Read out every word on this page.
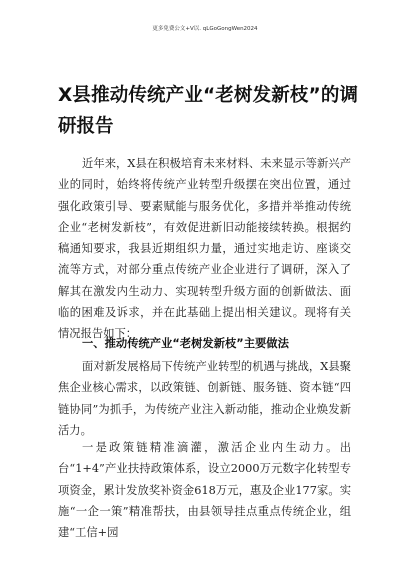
更多免费公文+V以. qLGoGongWen2024
X县推动传统产业“老树发新枝”的调研报告

近年来，X县在积极培育未来材料、未来显示等新兴产业的同时，始终将传统产业转型升级摆在突出位置，通过强化政策引导、要素赋能与服务优化，多措并举推动传统企业“老树发新枝”，有效促进新旧动能接续转换。根据约稿通知要求，我县近期组织力量，通过实地走访、座谈交流等方式，对部分重点传统产业企业进行了调研，深入了解其在激发内生动力、实现转型升级方面的创新做法、面临的困难及诉求，并在此基础上提出相关建议。现将有关情况报告如下：

一、推动传统产业“老树发新枝”主要做法

面对新发展格局下传统产业转型的机遇与挑战，X县聚焦企业核心需求，以政策链、创新链、服务链、资本链“四链协同”为抓手，为传统产业注入新动能，推动企业焕发新活力。

一是政策链精准滴灌，激活企业内生动力。出台“1+4”产业扶持政策体系，设立2000万元数字化转型专项资金，累计发放奖补资金618万元，惠及企业177家。实施“一企一策”精准帮扶，由县领导挂点重点传统企业，组建“工信+园
